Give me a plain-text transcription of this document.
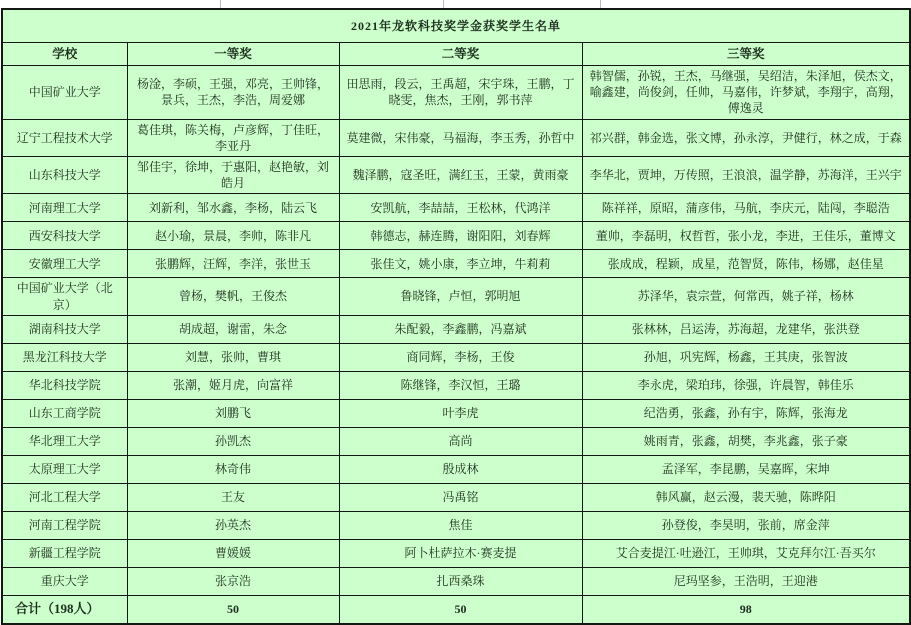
2021年龙软科技奖学金获奖学生名单			
学校	一等奖	二等奖	三等奖
中国矿业大学	杨淦，李硕，王强，邓亮，王帅锋，景兵，王杰，李浩，周爱娜	田思雨，段云，王禹超，宋宇珠，王鹏，丁晓雯，焦杰，王刚，郭书萍	韩智儒，孙锐，王杰，马继强，吴绍洁，朱泽旭，侯杰文，喻鑫建，尚俊剑，任帅，马嘉伟，许梦斌，李翔宇，高翔，傅逸灵
辽宁工程技术大学	葛佳琪，陈关梅，卢彦辉，丁佳旺，李亚丹	莫建微，宋伟豪，马福海，李玉秀，孙哲中	祁兴群，韩金选，张文博，孙永淳，尹健行，林之成，于森
山东科技大学	邹佳宇，徐坤，于惠阳，赵艳敏，刘皓月	魏泽鹏，寇圣旺，满红玉，王蒙，黄雨豪	李华北，贾坤，万传照，王浪浪，温学静，苏海洋，王兴宇
河南理工大学	刘新利，邹水鑫，李杨，陆云飞	安凯航，李喆喆，王松林，代鸿洋	陈祥祥，原昭，蒲彦伟，马航，李庆元，陆闯，李聪浩
西安科技大学	赵小瑜，景晨，李帅，陈非凡	韩德志，赫连腾，谢阳阳，刘春辉	董帅，李磊明，权哲哲，张小龙，李进，王佳乐，董博文
安徽理工大学	张鹏辉，汪辉，李洋，张世玉	张佳文，姚小康，李立坤，牛莉莉	张成成，程颖，成星，范智贤，陈伟，杨娜，赵佳星
中国矿业大学（北京）	曾杨，樊帆，王俊杰	鲁晓锋，卢恒，郭明旭	苏泽华，袁宗萱，何常西，姚子祥，杨林
湖南科技大学	胡成超，谢雷，朱念	朱配毅，李鑫鹏，冯嘉斌	张林林，吕运涛，苏海超，龙建华，张洪登
黑龙江科技大学	刘慧，张帅，曹琪	商同辉，李杨，王俊	孙旭，巩宪辉，杨鑫，王其庚，张智波
华北科技学院	张潮，姬月虎，向富祥	陈继锋，李汉恒，王璐	李永虎，梁珀玮，徐强，许晨智，韩佳乐
山东工商学院	刘鹏飞	叶李虎	纪浩勇，张鑫，孙有宇，陈辉，张海龙
华北理工大学	孙凯杰	高尚	姚雨青，张鑫，胡樊，李兆鑫，张子豪
太原理工大学	林奇伟	殷成林	孟泽军，李昆鹏，吴嘉晖，宋坤
河北工程大学	王友	冯禹铭	韩风赢，赵云漫，裴天驰，陈晔阳
河南工程学院	孙英杰	焦佳	孙登俊，李昊明，张前，席金萍
新疆工程学院	曹媛媛	阿卜杜萨拉木·赛麦提	艾合麦提江·吐逊江，王帅琪，艾克拜尔江·吾买尔
重庆大学	张京浩	扎西桑珠	尼玛坚参，王浩明，王迎港
合计（198人）	50	50	98
